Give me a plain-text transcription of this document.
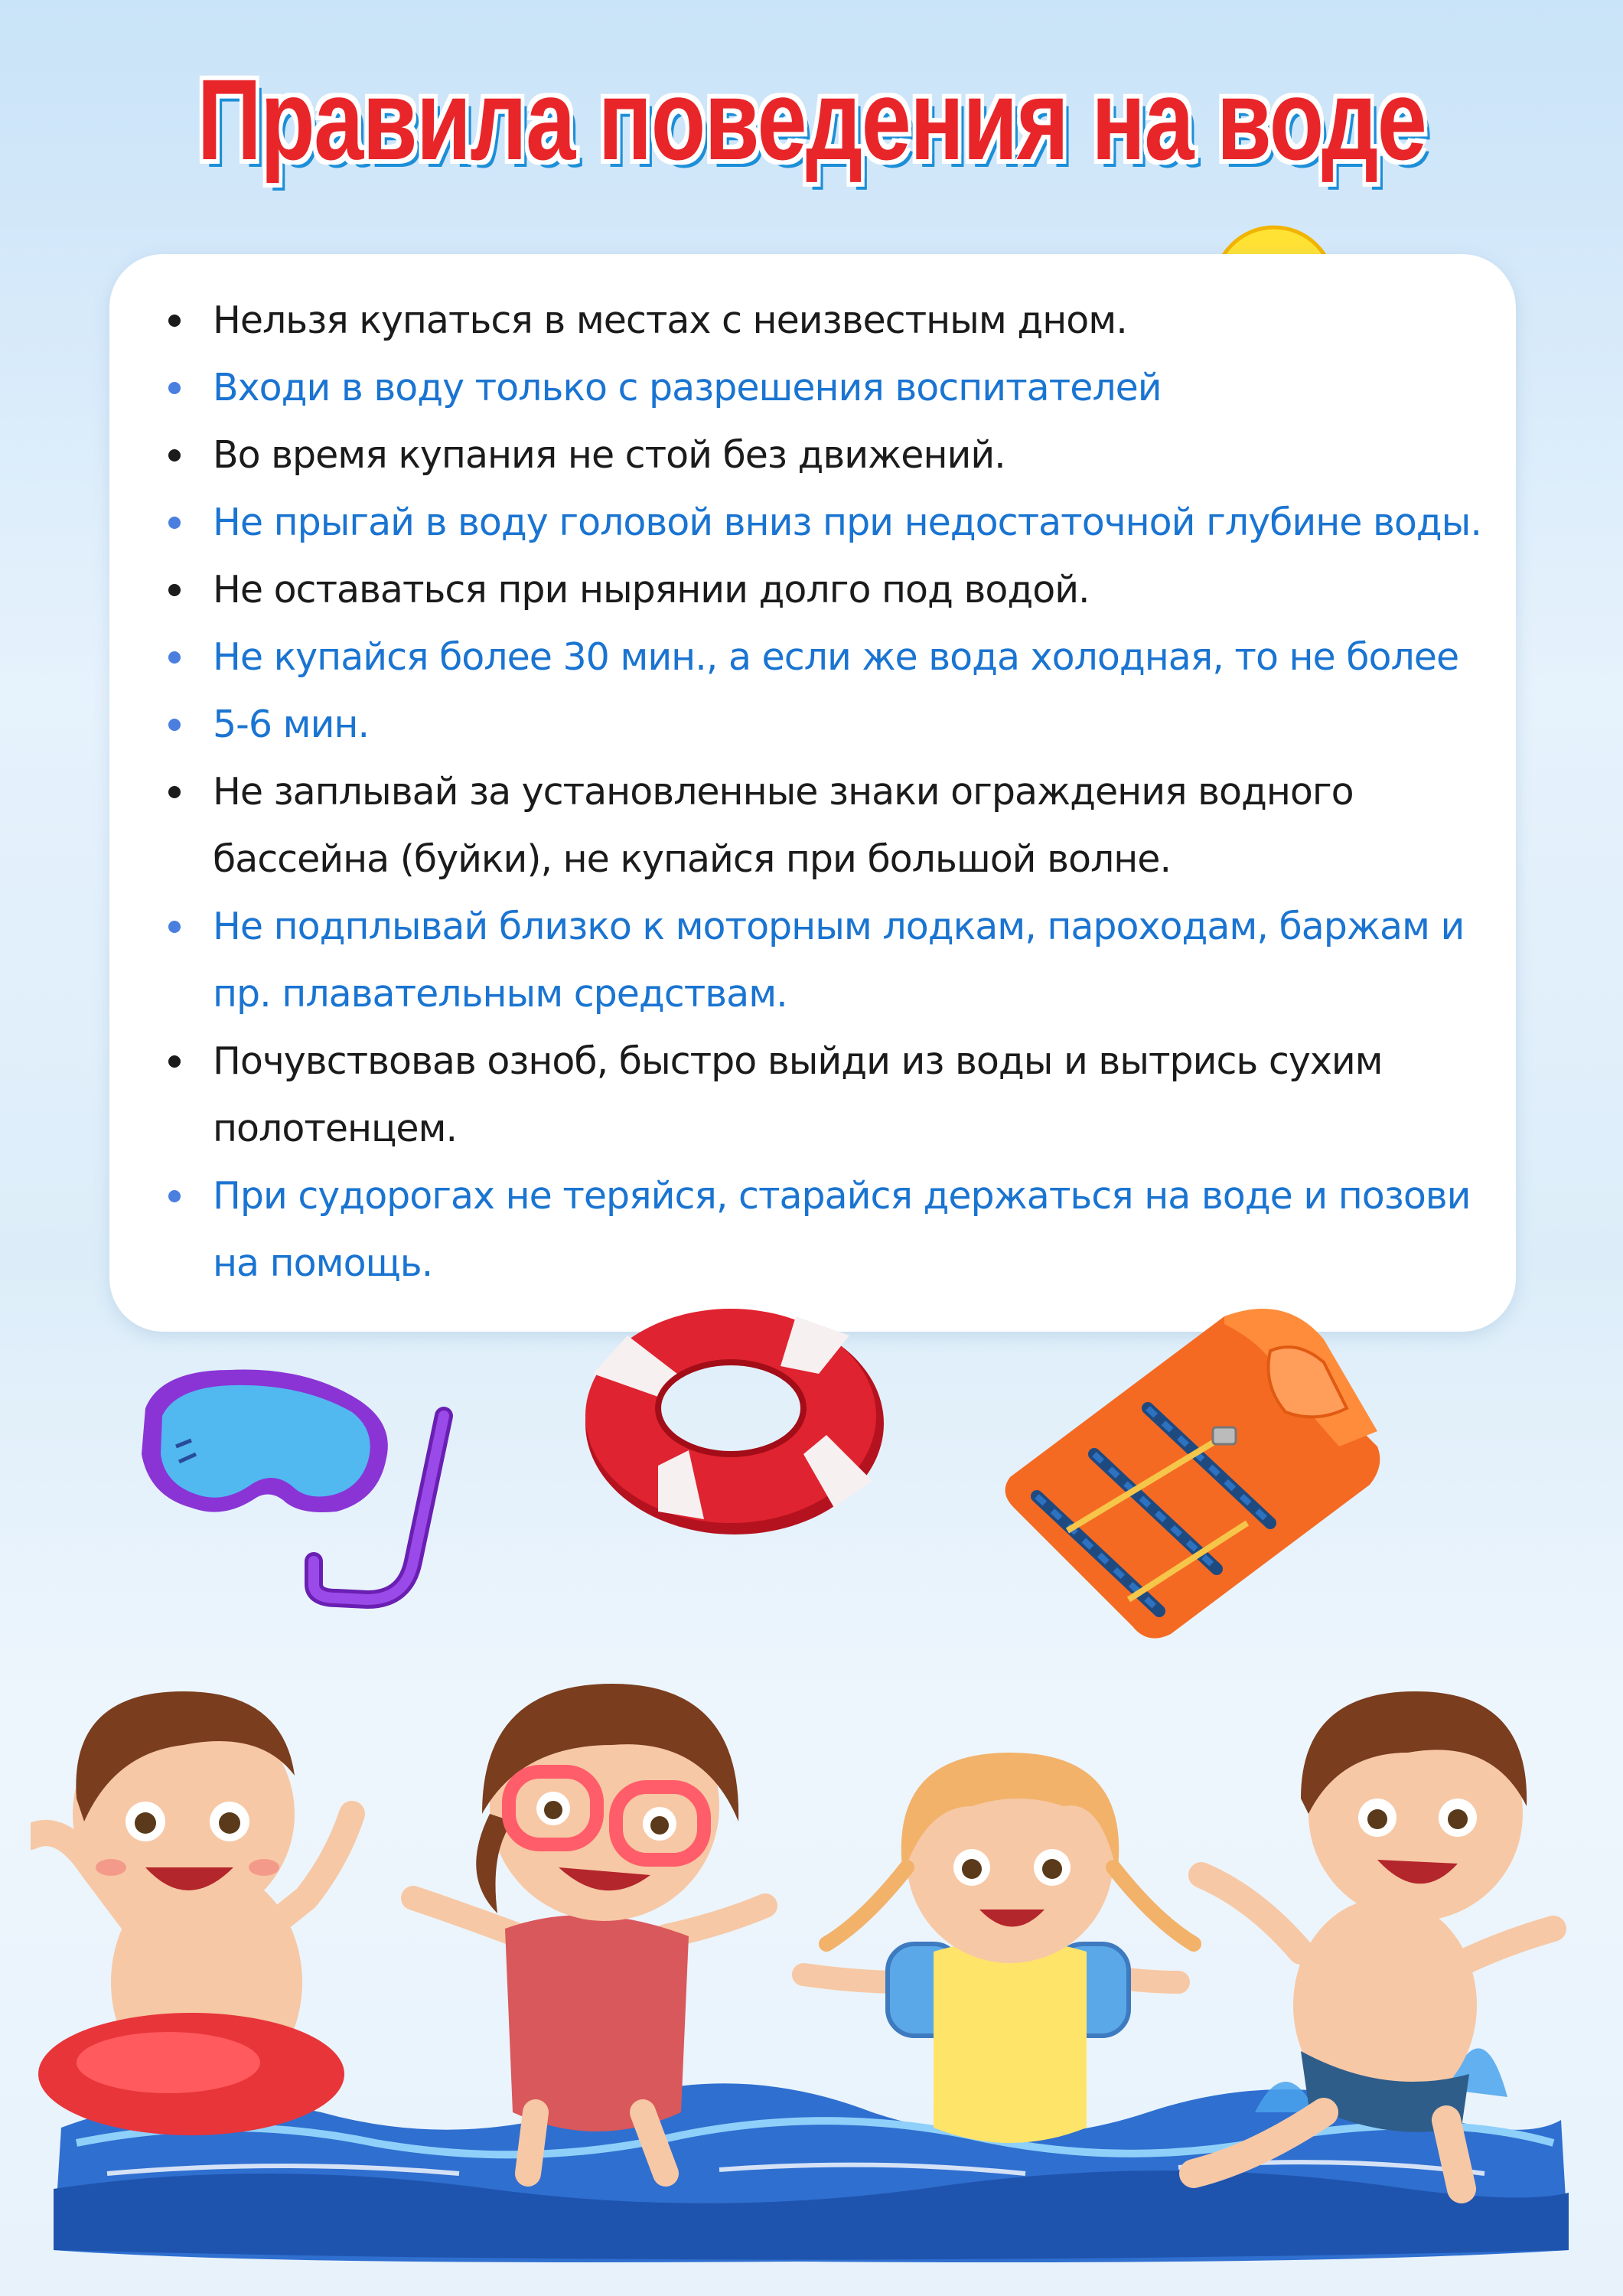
Правила поведения на воде
Нельзя купаться в местах с неизвестным дном.
Входи в воду только с разрешения воспитателей
Во время купания не стой без движений.
Не прыгай в воду головой вниз при недостаточной глубине воды.
Не оставаться при нырянии долго под водой.
Не купайся более 30 мин., а если же вода холодная, то не более
5-6 мин.
Не заплывай за установленные знаки ограждения водного бассейна (буйки), не купайся при большой волне.
Не подплывай близко к моторным лодкам, пароходам, баржам и пр. плавательным средствам.
Почувствовав озноб, быстро выйди из воды и вытрись сухим полотенцем.
При судорогах не теряйся, старайся держаться на воде и позови на помощь.
